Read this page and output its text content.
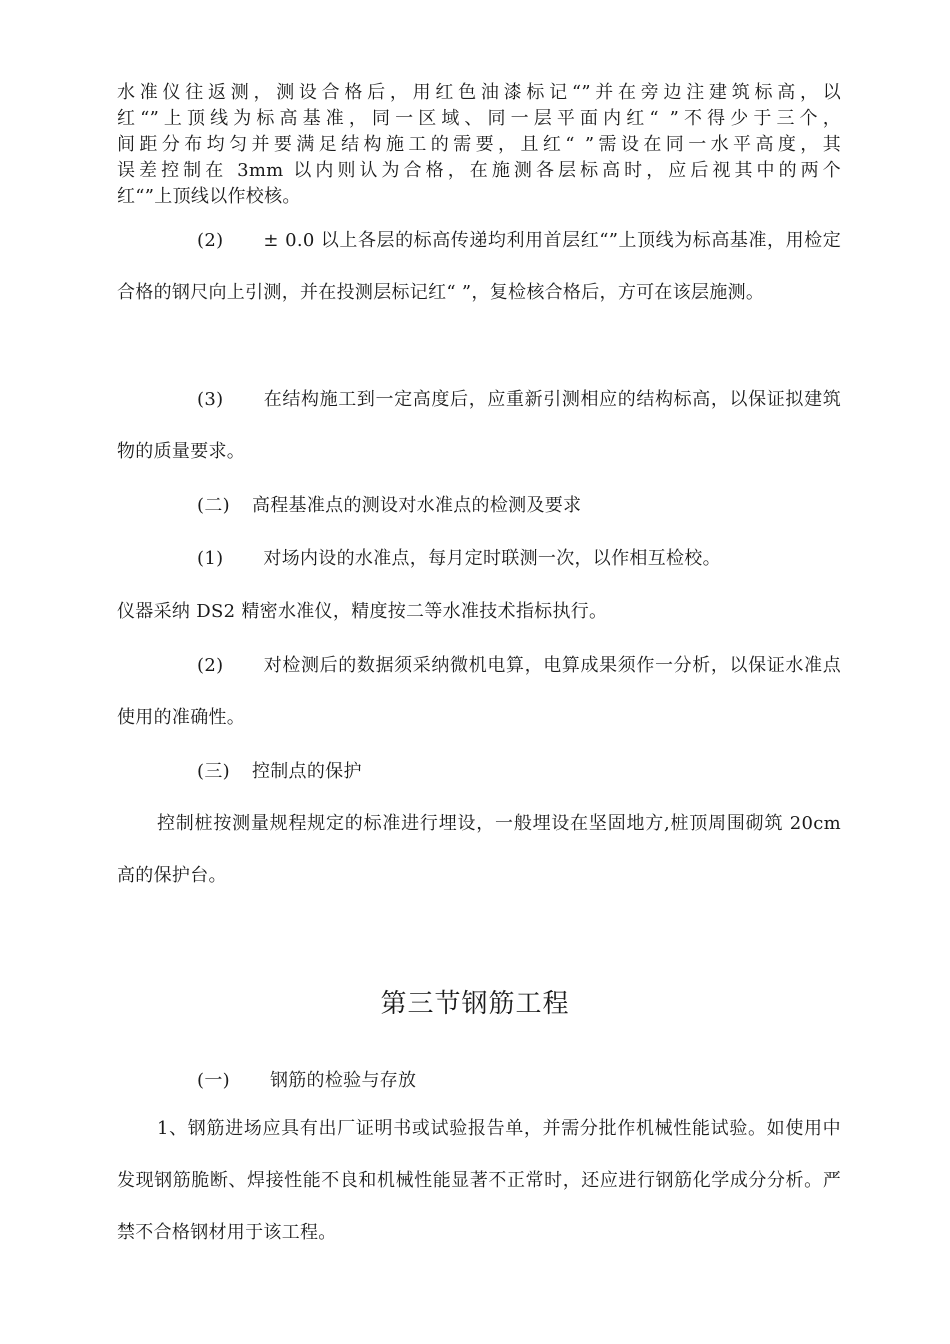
水准仪往返测，测设合格后，用红色油漆标记“”并在旁边注建筑标高，以
红“”上顶线为标高基准，同一区域、同一层平面内红“ ”不得少于三个，
间距分布均匀并要满足结构施工的需要，且红“ ”需设在同一水平高度，其
误差控制在 3mm 以内则认为合格，在施测各层标高时，应后视其中的两个
红“”上顶线以作校核。
(2) ± 0.0 以上各层的标高传递均利用首层红“”上顶线为标高基准，用检定合格的钢尺向上引测，并在投测层标记红“ ”，复检核合格后，方可在该层施测。
(3) 在结构施工到一定高度后，应重新引测相应的结构标高，以保证拟建筑物的质量要求。
(二) 高程基准点的测设对水准点的检测及要求
(1) 对场内设的水准点，每月定时联测一次，以作相互检校。
仪器采纳 DS2 精密水准仪，精度按二等水准技术指标执行。
(2) 对检测后的数据须采纳微机电算，电算成果须作一分析，以保证水准点使用的准确性。
(三) 控制点的保护
控制桩按测量规程规定的标准进行埋设，一般埋设在坚固地方,桩顶周围砌筑 20cm 高的保护台。
第三节钢筋工程
(一) 钢筋的检验与存放
1、钢筋进场应具有出厂证明书或试验报告单，并需分批作机械性能试验。如使用中发现钢筋脆断、焊接性能不良和机械性能显著不正常时，还应进行钢筋化学成分分析。严禁不合格钢材用于该工程。
